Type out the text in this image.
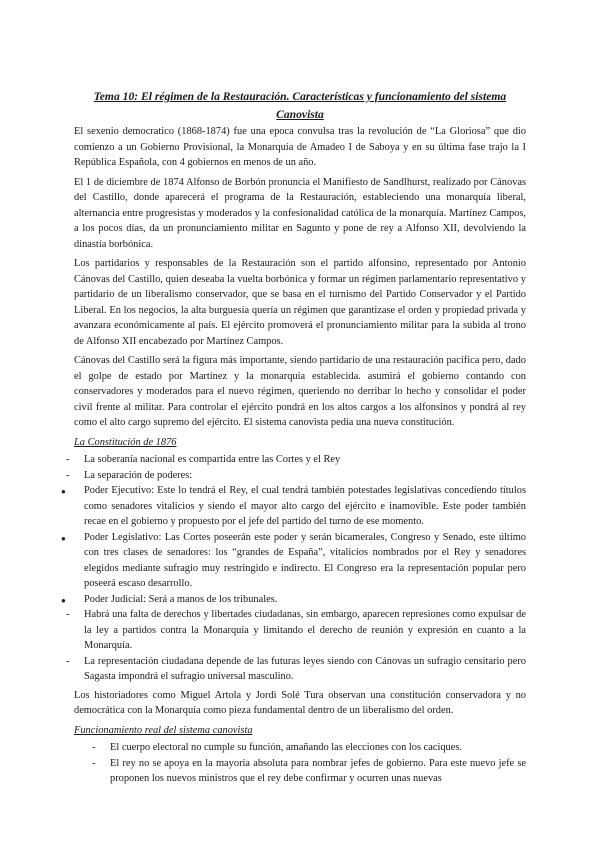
Tema 10: El régimen de la Restauración. Características y funcionamiento del sistema Canovista

El sexenio democratico (1868-1874) fue una epoca convulsa tras la revolución de “La Gloriosa” que dio comienzo a un Gobierno Provisional, la Monarquía de Amadeo I de Saboya y en su última fase trajo la I República Española, con 4 gobiernos en menos de un año.

El 1 de diciembre de 1874 Alfonso de Borbón pronuncia el Manifiesto de Sandlhurst, realizado por Cánovas del Castillo, donde aparecerá el programa de la Restauración, estableciendo una monarquía liberal, alternancia entre progresistas y moderados y la confesionalidad católica de la monarquía. Martínez Campos, a los pocos días, da un pronunciamiento militar en Sagunto y pone de rey a Alfonso XII, devolviendo la dinastía borbónica.

Los partidarios y responsables de la Restauración son el partido alfonsino, representado por Antonio Cánovas del Castillo, quien deseaba la vuelta borbónica y formar un régimen parlamentario representativo y partidario de un liberalismo conservador, que se basa en el turnismo del Partido Conservador y el Partido Liberal. En los negocios, la alta burguesía quería un régimen que garantizase el orden y propiedad privada y avanzara económicamente al país. El ejército promoverá el pronunciamiento militar para la subida al trono de Alfonso XII encabezado por Martínez Campos.

Cánovas del Castillo será la figura más importante, siendo partidario de una restauración pacífica pero, dado el golpe de estado por Martínez y la monarquía establecida. asumirá el gobierno contando con conservadores y moderados para el nuevo régimen, queriendo no derribar lo hecho y consolidar el poder civil frente al militar. Para controlar el ejército pondrá en los altos cargos a los alfonsinos y pondrá al rey como el alto cargo supremo del ejército. El sistema canovista pedía una nueva constitución.

La Constitución de 1876
- La soberanía nacional es compartida entre las Cortes y el Rey
- La separación de poderes:
● Poder Ejecutivo: Este lo tendrá el Rey, el cual tendrá también potestades legislativas concediendo títulos como senadores vitalicios y siendo el mayor alto cargo del ejército e inamovible. Este poder también recae en el gobierno y propuesto por el jefe del partido del turno de ese momento.
● Poder Legislativo: Las Cortes poseerán este poder y serán bicamerales, Congreso y Senado, este último con tres clases de senadores: los “grandes de España”, vitalicios nombrados por el Rey y senadores elegidos mediante sufragio muy restringido e indirecto. El Congreso era la representación popular pero poseerá escaso desarrollo.
● Poder Judicial: Será a manos de los tribunales.
- Habrá una falta de derechos y libertades ciudadanas, sin embargo, aparecen represiones como expulsar de la ley a partidos contra la Monarquía y limitando el derecho de reunión y expresión en cuanto a la Monarquía.
- La representación ciudadana depende de las futuras leyes siendo con Cánovas un sufragio censitario pero Sagasta impondrá el sufragio universal masculino.

Los historiadores como Miguel Artola y Jordi Solé Tura observan una constitución conservadora y no democrática con la Monarquía como pieza fundamental dentro de un liberalismo del orden.

Funcionamiento real del sistema canovista
- El cuerpo electoral no cumple su función, amañando las elecciones con los caciques.
- El rey no se apoya en la mayoría absoluta para nombrar jefes de gobierno. Para este nuevo jefe se proponen los nuevos ministros que el rey debe confirmar y ocurren unas nuevas
